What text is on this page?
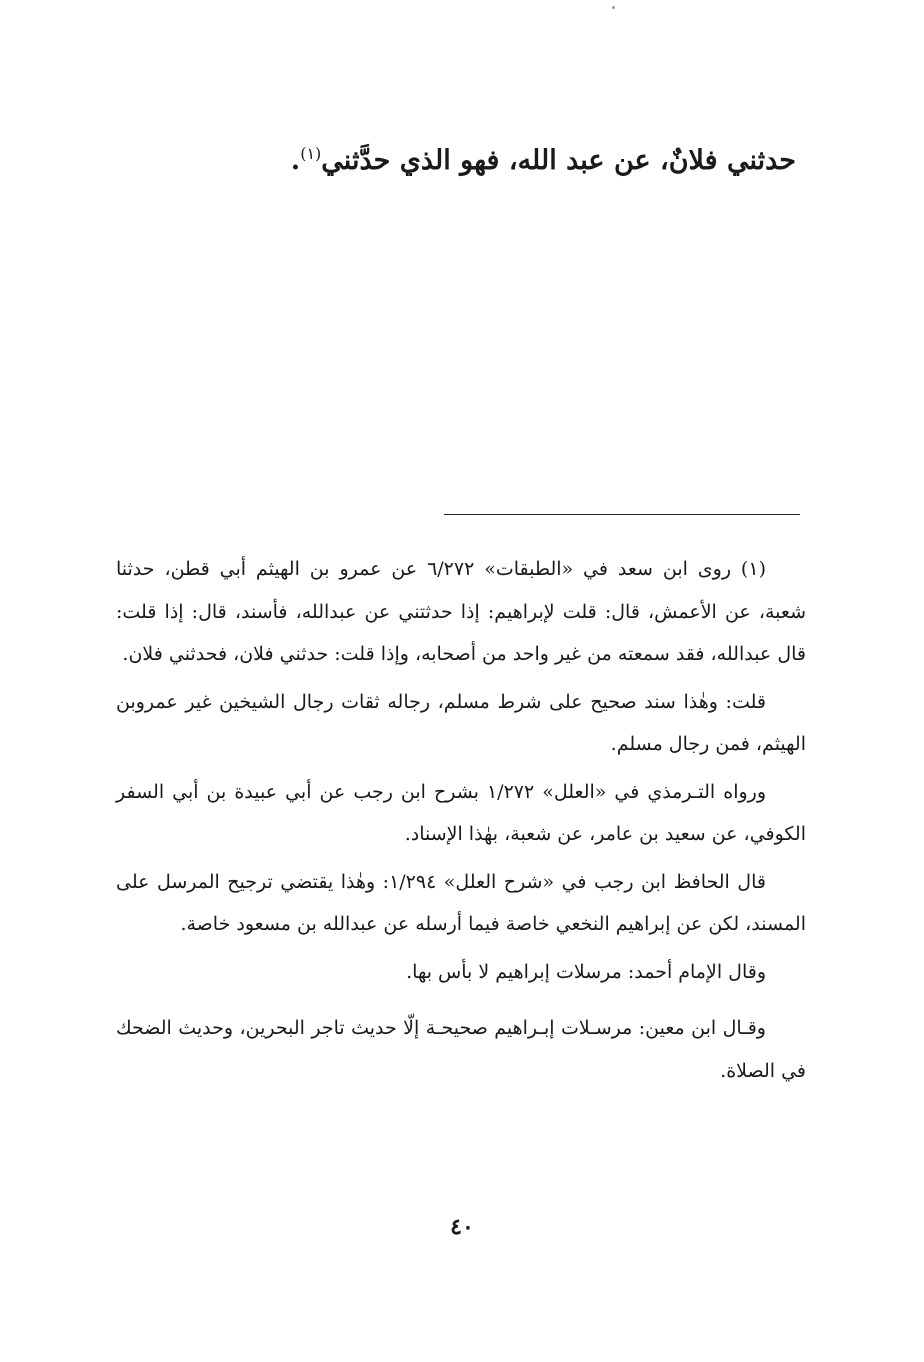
حدثني فلانٌ، عن عبد الله، فهو الذي حدَّثني$^{(١)}$.

(١) روى ابن سعد في «الطبقات» ٦/٢٧٢ عن عمرو بن الهيثم أبي قطن، حدثنا شعبة، عن الأعمش، قال: قلت لإبراهيم: إذا حدثتني عن عبدالله، فأسند، قال: إذا قلت: قال عبدالله، فقد سمعته من غير واحد من أصحابه، وإذا قلت: حدثني فلان، فحدثني فلان.

قلت: وهٰذا سند صحيح على شرط مسلم، رجاله ثقات رجال الشيخين غير عمروبن الهيثم، فمن رجال مسلم.

ورواه التـرمذي في «العلل» ١/٢٧٢ بشرح ابن رجب عن أبي عبيدة بن أبي السفر الكوفي، عن سعيد بن عامر، عن شعبة، بهٰذا الإسناد.

قال الحافظ ابن رجب في «شرح العلل» ١/٢٩٤: وهٰذا يقتضي ترجيح المرسل على المسند، لكن عن إبراهيم النخعي خاصة فيما أرسله عن عبدالله بن مسعود خاصة.

وقال الإمام أحمد: مرسلات إبراهيم لا بأس بها.

وقـال ابن معين: مرسـلات إبـراهيم صحيحـة إلّا حديث تاجر البحرين، وحديث الضحك في الصلاة.

٤٠
